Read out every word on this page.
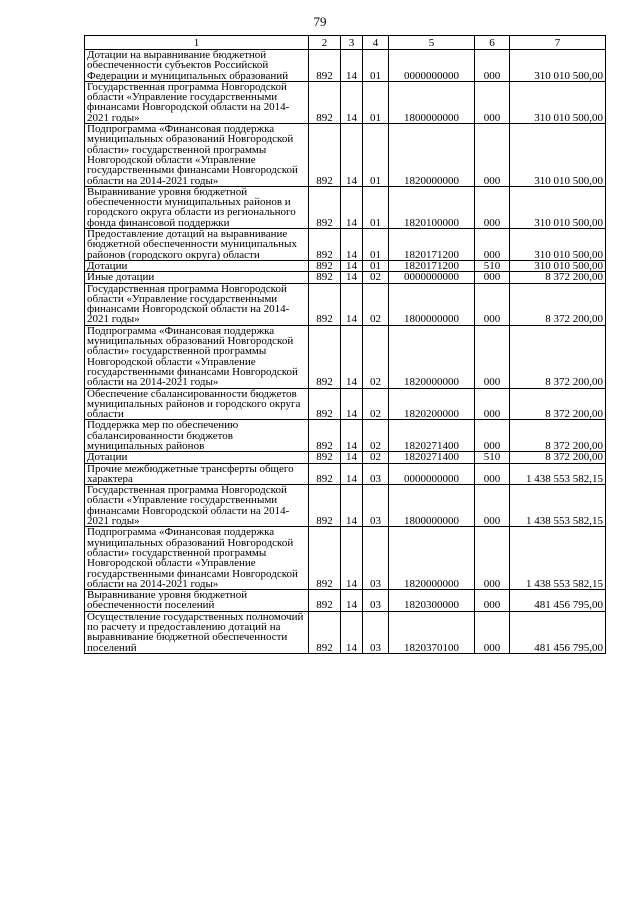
79
1	2	3	4	5	6	7
Дотации на выравнивание бюджетной обеспеченности субъектов Российской Федерации и муниципальных образований	892	14	01	0000000000	000	310 010 500,00
Государственная программа Новгородской области «Управление государственными финансами Новгородской области на 2014-2021 годы»	892	14	01	1800000000	000	310 010 500,00
Подпрограмма «Финансовая поддержка муниципальных образований Новгородской области» государственной программы Новгородской области «Управление государственными финансами Новгородской области на 2014-2021 годы»	892	14	01	1820000000	000	310 010 500,00
Выравнивание уровня бюджетной обеспеченности муниципальных районов и городского округа области из регионального фонда финансовой поддержки	892	14	01	1820100000	000	310 010 500,00
Предоставление дотаций на выравнивание бюджетной обеспеченности муниципальных районов (городского округа) области	892	14	01	1820171200	000	310 010 500,00
Дотации	892	14	01	1820171200	510	310 010 500,00
Иные дотации	892	14	02	0000000000	000	8 372 200,00
Государственная программа Новгородской области «Управление государственными финансами Новгородской области на 2014-2021 годы»	892	14	02	1800000000	000	8 372 200,00
Подпрограмма «Финансовая поддержка муниципальных образований Новгородской области» государственной программы Новгородской области «Управление государственными финансами Новгородской области на 2014-2021 годы»	892	14	02	1820000000	000	8 372 200,00
Обеспечение сбалансированности бюджетов муниципальных районов и городского округа области	892	14	02	1820200000	000	8 372 200,00
Поддержка мер по обеспечению сбалансированности бюджетов муниципальных районов	892	14	02	1820271400	000	8 372 200,00
Дотации	892	14	02	1820271400	510	8 372 200,00
Прочие межбюджетные трансферты общего характера	892	14	03	0000000000	000	1 438 553 582,15
Государственная программа Новгородской области «Управление государственными финансами Новгородской области на 2014-2021 годы»	892	14	03	1800000000	000	1 438 553 582,15
Подпрограмма «Финансовая поддержка муниципальных образований Новгородской области» государственной программы Новгородской области «Управление государственными финансами Новгородской области на 2014-2021 годы»	892	14	03	1820000000	000	1 438 553 582,15
Выравнивание уровня бюджетной обеспеченности поселений	892	14	03	1820300000	000	481 456 795,00
Осуществление государственных полномочий по расчету и предоставлению дотаций на выравнивание бюджетной обеспеченности поселений	892	14	03	1820370100	000	481 456 795,00
